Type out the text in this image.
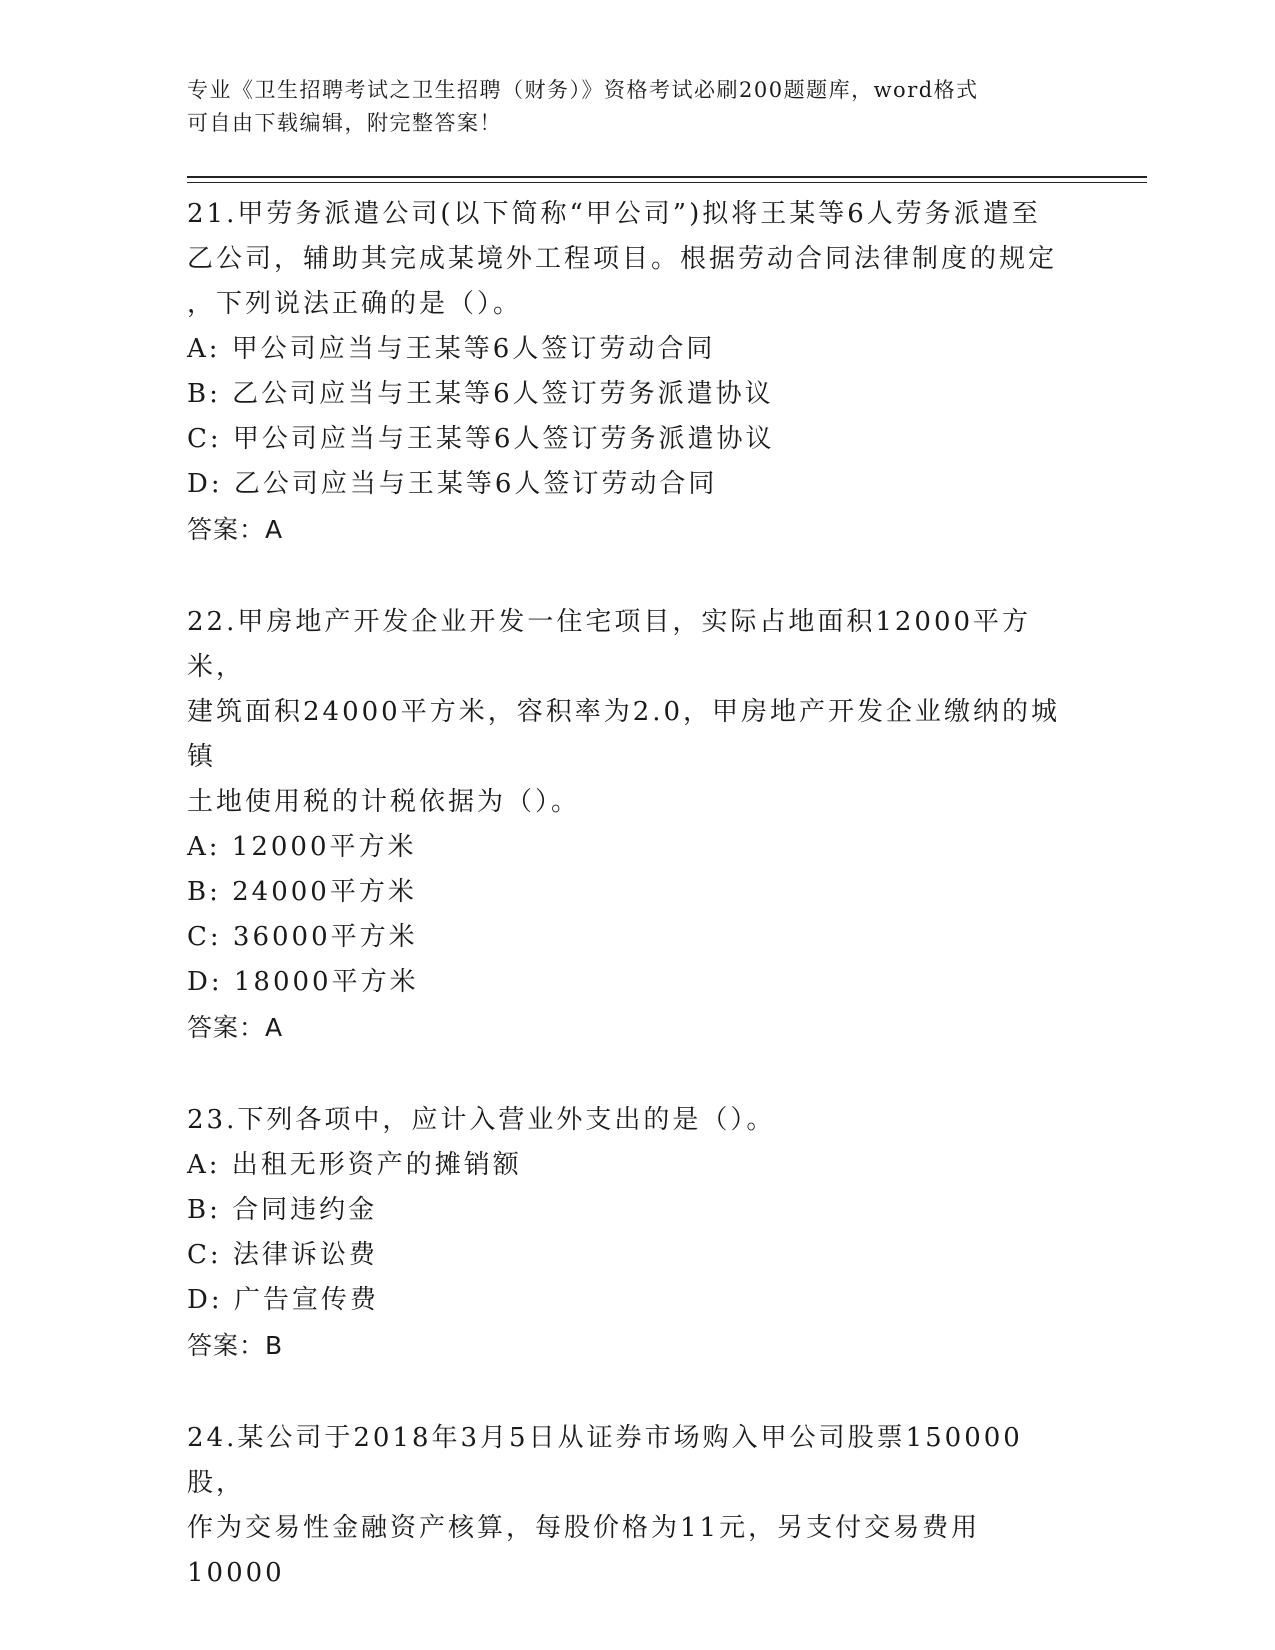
专业《卫生招聘考试之卫生招聘（财务）》资格考试必刷200题题库，word格式
可自由下载编辑，附完整答案！
21.甲劳务派遣公司(以下简称“甲公司”)拟将王某等6人劳务派遣至
乙公司，辅助其完成某境外工程项目。根据劳动合同法律制度的规定
，下列说法正确的是（）。
A: 甲公司应当与王某等6人签订劳动合同
B: 乙公司应当与王某等6人签订劳务派遣协议
C: 甲公司应当与王某等6人签订劳务派遣协议
D: 乙公司应当与王某等6人签订劳动合同
答案：A
22.甲房地产开发企业开发一住宅项目，实际占地面积12000平方米，
建筑面积24000平方米，容积率为2.0，甲房地产开发企业缴纳的城镇
土地使用税的计税依据为（）。
A: 12000平方米
B: 24000平方米
C: 36000平方米
D: 18000平方米
答案：A
23.下列各项中，应计入营业外支出的是（）。
A: 出租无形资产的摊销额
B: 合同违约金
C: 法律诉讼费
D: 广告宣传费
答案：B
24.某公司于2018年3月5日从证券市场购入甲公司股票150000股，
作为交易性金融资产核算，每股价格为11元，另支付交易费用10000
